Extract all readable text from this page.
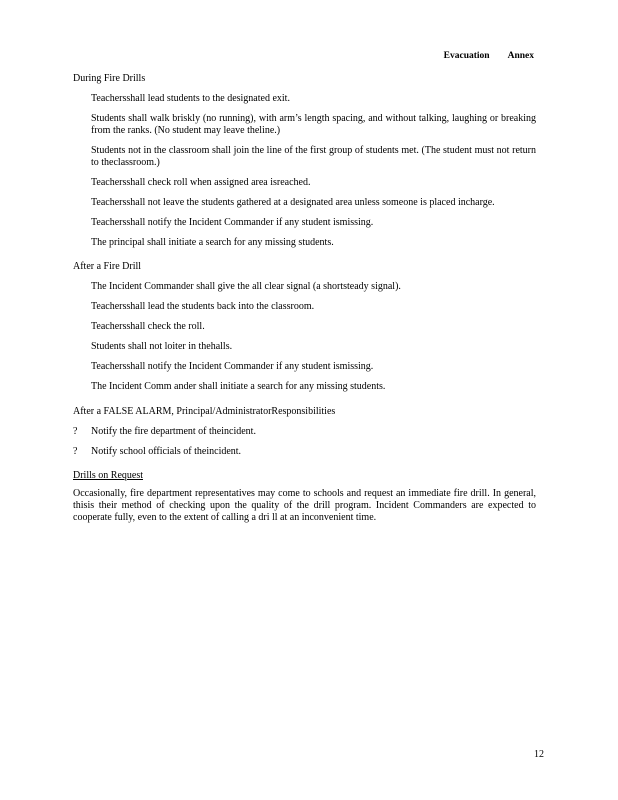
Evacuation Annex

During Fire Drills

Teachersshall lead students to the designated exit.
Students shall walk briskly (no running), with arm’s length spacing, and without talking, laughing or breaking from the ranks. (No student may leave theline.)
Students not in the classroom shall join the line of the first group of students met. (The student must not return to theclassroom.)
Teachersshall check roll when assigned area isreached.
Teachersshall not leave the students gathered at a designated area unless someone is placed incharge.
Teachersshall notify the Incident Commander if any student ismissing.
The principal shall initiate a search for any missing students.

After a Fire Drill

The Incident Commander shall give the all clear signal (a shortsteady signal).
Teachersshall lead the students back into the classroom.
Teachersshall check the roll.
Students shall not loiter in thehalls.
Teachersshall notify the Incident Commander if any student ismissing.
The Incident Comm ander shall initiate a search for any missing students.

After a FALSE ALARM, Principal/AdministratorResponsibilities

?	Notify the fire department of theincident.
?	Notify school officials of theincident.

Drills on Request

Occasionally, fire department representatives may come to schools and request an immediate fire drill. In general, thisis their method of checking upon the quality of the drill program. Incident Commanders are expected to cooperate fully, even to the extent of calling a dri ll at an inconvenient time.

12
